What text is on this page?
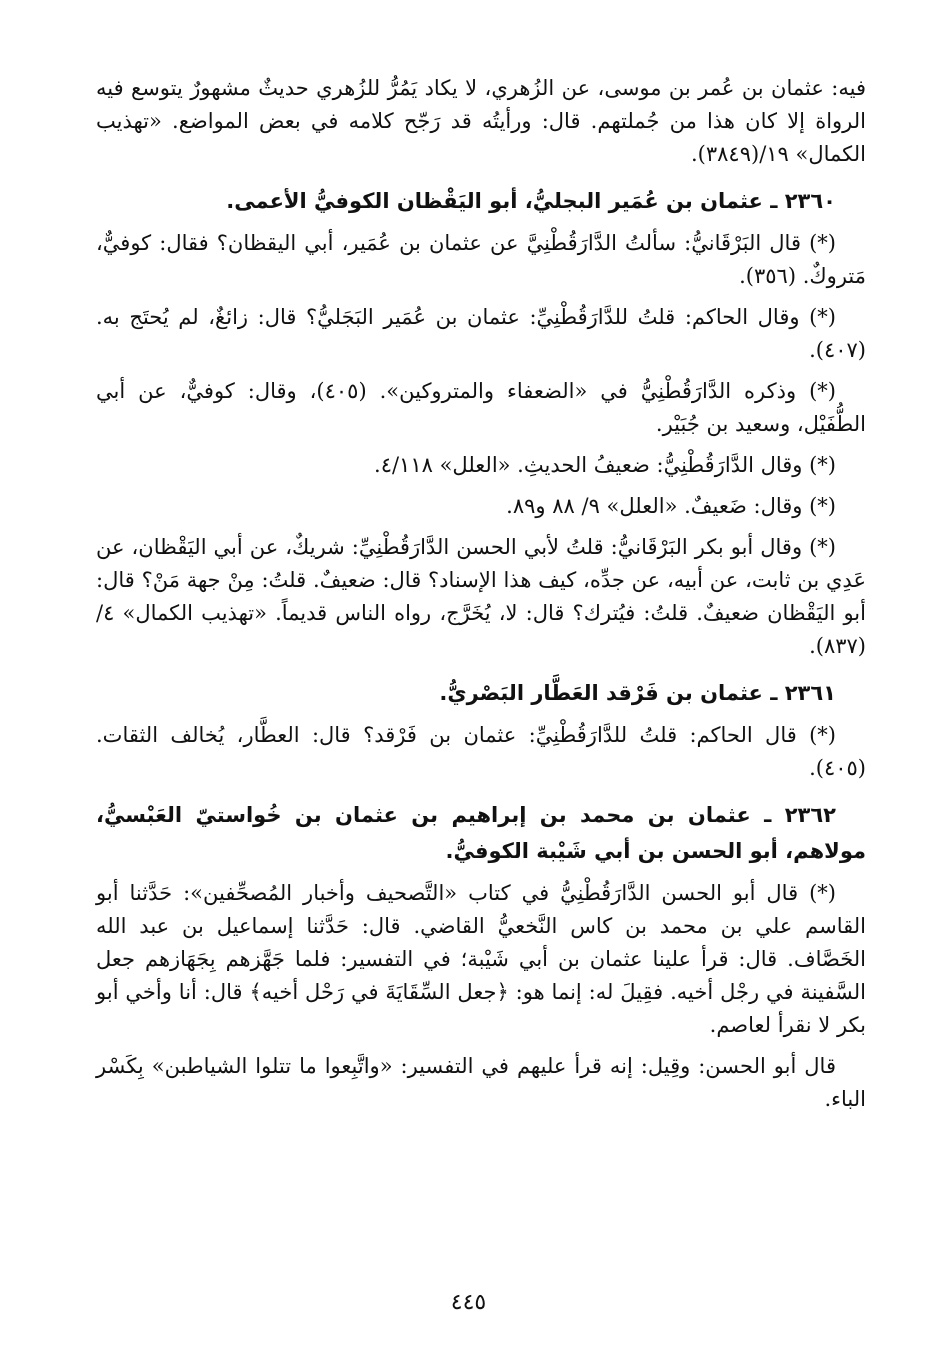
فيه: عثمان بن عُمر بن موسى، عن الزُهري، لا يكاد يَمُرُّ للزُهري حديثٌ مشهورٌ يتوسع فيه الرواة إلا كان هذا من جُملتهم. قال: ورأيتُه قد رَجّح كلامه في بعض المواضع. «تهذيب الكمال» ١٩/(٣٨٤٩).

٢٣٦٠ ـ عثمان بن عُمَير البجليُّ، أبو اليَقْظان الكوفيُّ الأعمى.

(*) قال البَرْقَانيُّ: سألتُ الدَّارَقُطْنِيَّ عن عثمان بن عُمَير، أبي اليقظان؟ فقال: كوفيٌّ، مَتروكٌ. (٣٥٦).

(*) وقال الحاكم: قلتُ للدَّارَقُطْنِيِّ: عثمان بن عُمَير البَجَليُّ؟ قال: زائغٌ، لم يُحتَج به. (٤٠٧).

(*) وذكره الدَّارَقُطْنِيُّ في «الضعفاء والمتروكين». (٤٠٥)، وقال: كوفيٌّ، عن أبي الطُّفَيْل، وسعيد بن جُبَيْر.

(*) وقال الدَّارَقُطْنِيُّ: ضعيفُ الحديثِ. «العلل» ٤/١١٨.

(*) وقال: ضَعيفٌ. «العلل» ٩/ ٨٨ و٨٩.

(*) وقال أبو بكر البَرْقَانيُّ: قلتُ لأبي الحسن الدَّارَقُطْنِيِّ: شريكٌ، عن أبي اليَقْظان، عن عَدِي بن ثابت، عن أبيه، عن جدِّه، كيف هذا الإسناد؟ قال: ضعيفٌ. قلتُ: مِنْ جهة مَنْ؟ قال: أبو اليَقْظان ضعيفٌ. قلتُ: فيُترك؟ قال: لا، يُخَرَّج، رواه الناس قديماً. «تهذيب الكمال» ٤/ (٨٣٧).

٢٣٦١ ـ عثمان بن فَرْقد العَطَّار البَصْريُّ.

(*) قال الحاكم: قلتُ للدَّارَقُطْنِيِّ: عثمان بن فَرْقد؟ قال: العطَّار، يُخالف الثقات. (٤٠٥).

٢٣٦٢ ـ عثمان بن محمد بن إبراهيم بن عثمان بن خُواستيّ العَبْسيُّ، مولاهم، أبو الحسن بن أبي شَيْبة الكوفيُّ.

(*) قال أبو الحسن الدَّارَقُطْنِيُّ في كتاب «التَّصحيف وأخبار المُصحِّفين»: حَدَّثنا أبو القاسم علي بن محمد بن كاس النَّخعيُّ القاضي. قال: حَدَّثنا إسماعيل بن عبد الله الخَصَّاف. قال: قرأ علينا عثمان بن أبي شَيْبة؛ في التفسير: فلما جَهَّزهم بِجَهَازهم جعل السَّفينة في رجْل أخيه. فقِيلَ له: إنما هو: ﴿جعل السِّقَايَةَ في رَحْل أخيه﴾ قال: أنا وأخي أبو بكر لا نقرأ لعاصم.

قال أبو الحسن: وقِيل: إنه قرأ عليهم في التفسير: «واتَّبِعوا ما تتلوا الشياطبن» بِكَسْر الباء.

٤٤٥
